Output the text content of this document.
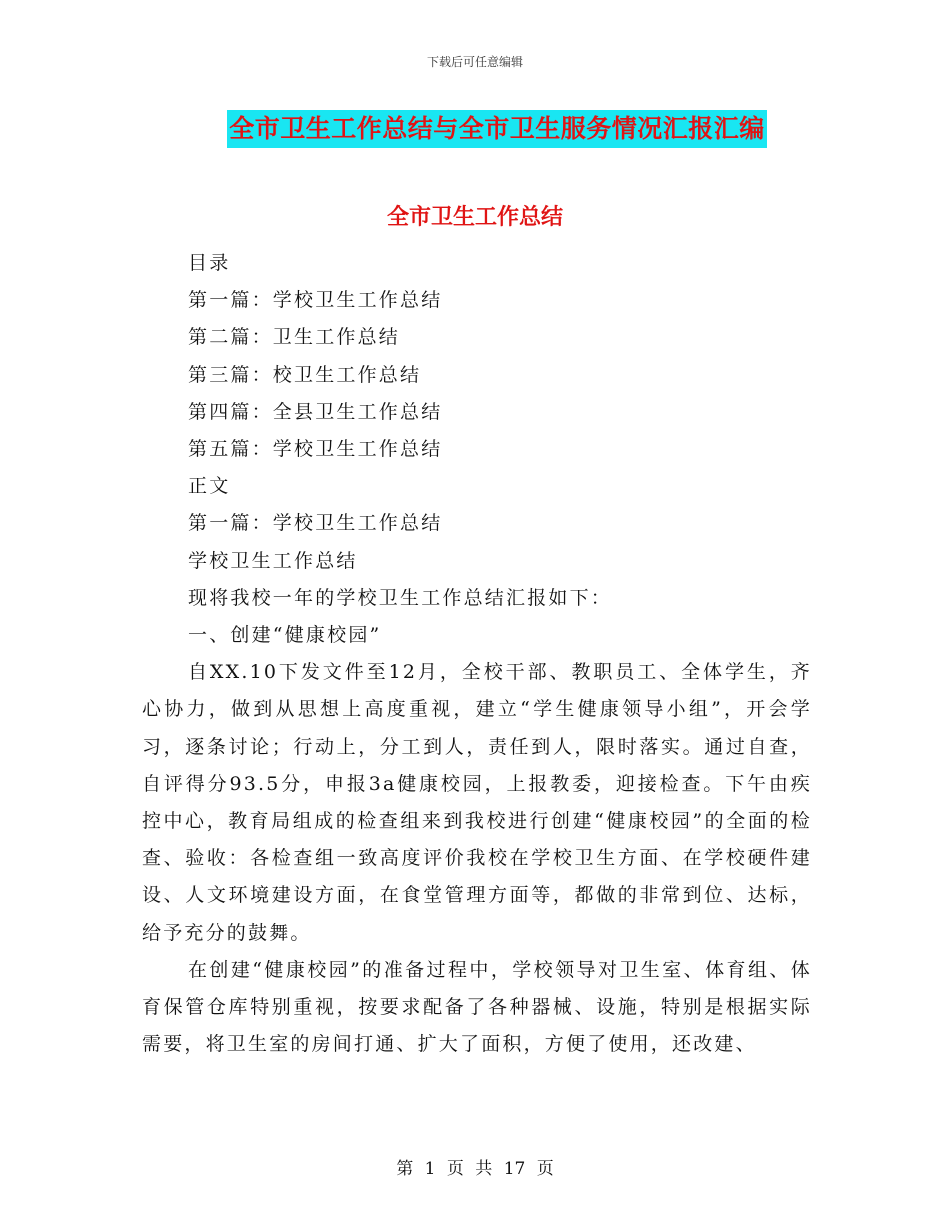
下载后可任意编辑
全市卫生工作总结与全市卫生服务情况汇报汇编
全市卫生工作总结
目录
第一篇：学校卫生工作总结
第二篇：卫生工作总结
第三篇：校卫生工作总结
第四篇：全县卫生工作总结
第五篇：学校卫生工作总结
正文
第一篇：学校卫生工作总结
学校卫生工作总结
现将我校一年的学校卫生工作总结汇报如下：
一、创建“健康校园”

自XX.10下发文件至12月，全校干部、教职员工、全体学生，齐心协力，做到从思想上高度重视，建立“学生健康领导小组”，开会学习，逐条讨论；行动上，分工到人，责任到人，限时落实。通过自查，自评得分93.5分，申报3a健康校园，上报教委，迎接检查。下午由疾控中心，教育局组成的检查组来到我校进行创建“健康校园”的全面的检查、验收：各检查组一致高度评价我校在学校卫生方面、在学校硬件建设、人文环境建设方面，在食堂管理方面等，都做的非常到位、达标，给予充分的鼓舞。

在创建“健康校园”的准备过程中，学校领导对卫生室、体育组、体育保管仓库特别重视，按要求配备了各种器械、设施，特别是根据实际需要，将卫生室的房间打通、扩大了面积，方便了使用，还改建、

第 1 页 共 17 页
